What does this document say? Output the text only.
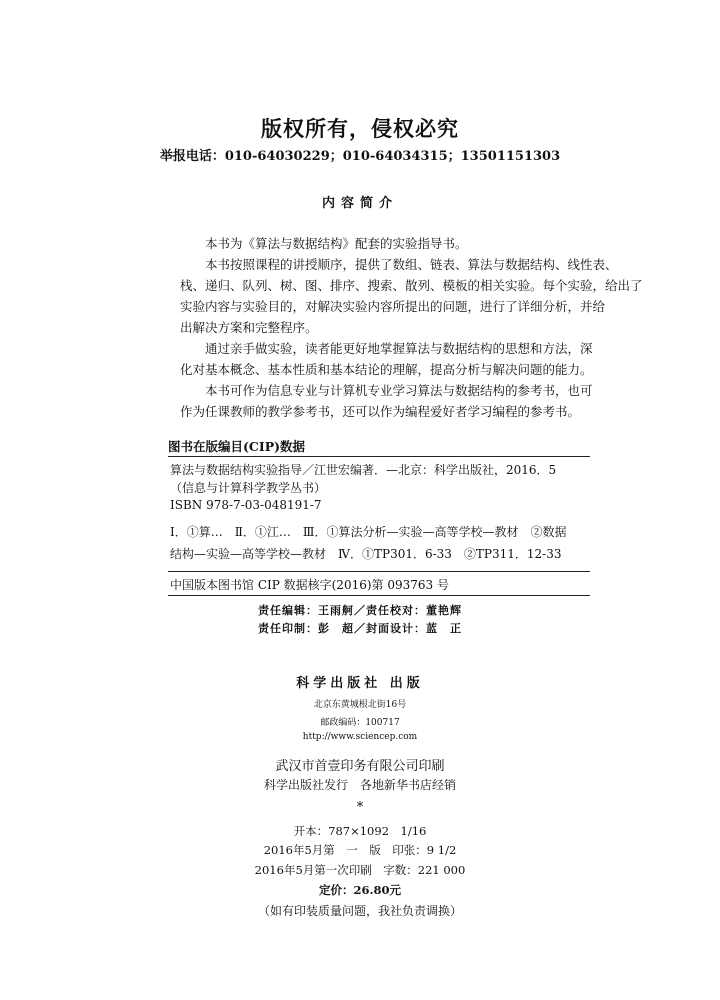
版权所有，侵权必究
举报电话：010-64030229；010-64034315；13501151303
内容简介
本书为《算法与数据结构》配套的实验指导书。
本书按照课程的讲授顺序，提供了数组、链表、算法与数据结构、线性表、
栈、递归、队列、树、图、排序、搜索、散列、模板的相关实验。每个实验，给出了
实验内容与实验目的，对解决实验内容所提出的问题，进行了详细分析，并给
出解决方案和完整程序。
通过亲手做实验，读者能更好地掌握算法与数据结构的思想和方法，深
化对基本概念、基本性质和基本结论的理解，提高分析与解决问题的能力。
本书可作为信息专业与计算机专业学习算法与数据结构的参考书，也可
作为任课教师的教学参考书，还可以作为编程爱好者学习编程的参考书。
图书在版编目(CIP)数据
算法与数据结构实验指导／江世宏编著．—北京：科学出版社，2016．5
（信息与计算科学教学丛书）
ISBN 978-7-03-048191-7
Ⅰ．①算…　Ⅱ．①江…　Ⅲ．①算法分析—实验—高等学校—教材　②数据
结构—实验—高等学校—教材　Ⅳ．①TP301．6-33　②TP311．12-33
中国版本图书馆 CIP 数据核字(2016)第 093763 号
责任编辑：王雨舸／责任校对：董艳辉
责任印制：彭　超／封面设计：蓝　正
科学出版社 出版
北京东黄城根北街16号
邮政编码：100717
http://www.sciencep.com
武汉市首壹印务有限公司印刷
科学出版社发行　各地新华书店经销
*
开本：787×1092　1/16
2016年5月第　一　版　印张：9 1/2
2016年5月第一次印刷　字数：221 000
定价：26.80元
（如有印装质量问题，我社负责调换）
